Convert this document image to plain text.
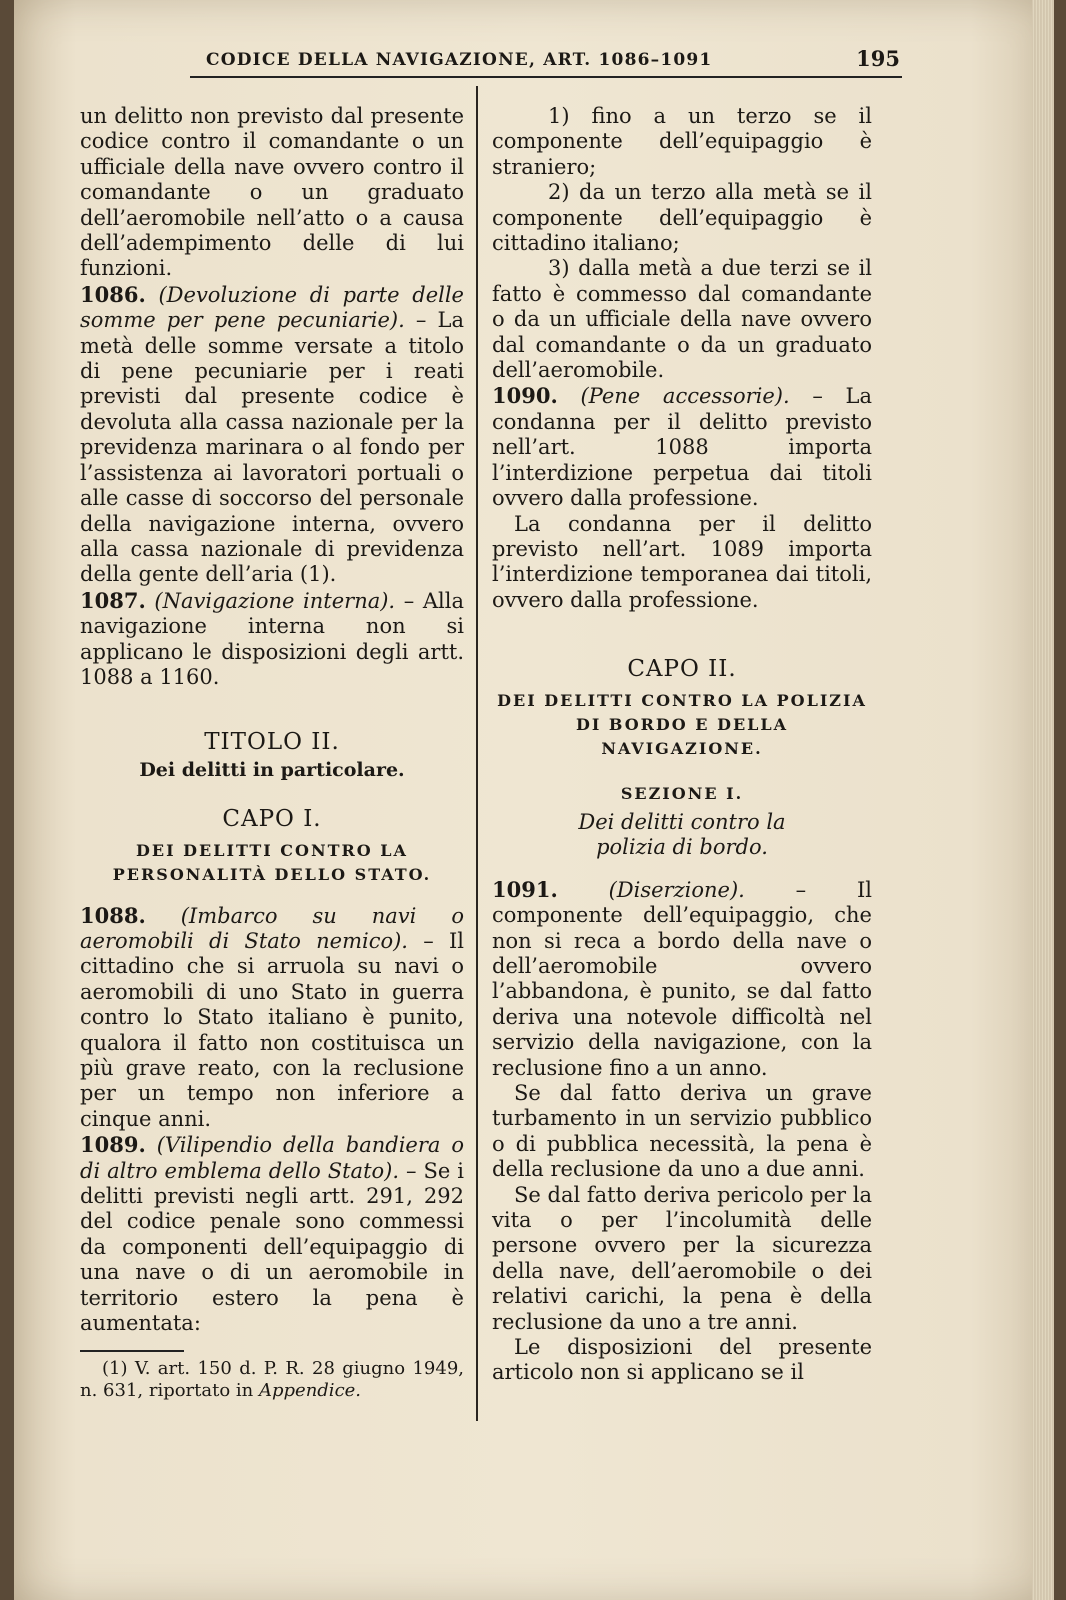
CODICE DELLA NAVIGAZIONE, ART. 1086–1091	195

un delitto non previsto dal presente codice contro il comandante o un ufficiale della nave ovvero contro il comandante o un graduato dell’aeromobile nell’atto o a causa dell’adempimento delle di lui funzioni.

1086. (Devoluzione di parte delle somme per pene pecuniarie). – La metà delle somme versate a titolo di pene pecuniarie per i reati previsti dal presente codice è devoluta alla cassa nazionale per la previdenza marinara o al fondo per l’assistenza ai lavoratori portuali o alle casse di soccorso del personale della navigazione interna, ovvero alla cassa nazionale di previdenza della gente dell’aria (1).

1087. (Navigazione interna). – Alla navigazione interna non si applicano le disposizioni degli artt. 1088 a 1160.

TITOLO II.
Dei delitti in particolare.
CAPO I.
DEI DELITTI CONTRO LA PERSONALITÀ DELLO STATO.

1088. (Imbarco su navi o aeromobili di Stato nemico). – Il cittadino che si arruola su navi o aeromobili di uno Stato in guerra contro lo Stato italiano è punito, qualora il fatto non costituisca un più grave reato, con la reclusione per un tempo non inferiore a cinque anni.

1089. (Vilipendio della bandiera o di altro emblema dello Stato). – Se i delitti previsti negli artt. 291, 292 del codice penale sono commessi da componenti dell’equipaggio di una nave o di un aeromobile in territorio estero la pena è aumentata:

(1) V. art. 150 d. P. R. 28 giugno 1949, n. 631, riportato in Appendice.

1) fino a un terzo se il componente dell’equipaggio è straniero;

2) da un terzo alla metà se il componente dell’equipaggio è cittadino italiano;

3) dalla metà a due terzi se il fatto è commesso dal comandante o da un ufficiale della nave ovvero dal comandante o da un graduato dell’aeromobile.

1090. (Pene accessorie). – La condanna per il delitto previsto nell’art. 1088 importa l’interdizione perpetua dai titoli ovvero dalla professione.

La condanna per il delitto previsto nell’art. 1089 importa l’interdizione temporanea dai titoli, ovvero dalla professione.

CAPO II.
DEI DELITTI CONTRO LA POLIZIA DI BORDO E DELLA NAVIGAZIONE.
SEZIONE I.
Dei delitti contro la polizia di bordo.

1091. (Diserzione). – Il componente dell’equipaggio, che non si reca a bordo della nave o dell’aeromobile ovvero l’abbandona, è punito, se dal fatto deriva una notevole difficoltà nel servizio della navigazione, con la reclusione fino a un anno.

Se dal fatto deriva un grave turbamento in un servizio pubblico o di pubblica necessità, la pena è della reclusione da uno a due anni.

Se dal fatto deriva pericolo per la vita o per l’incolumità delle persone ovvero per la sicurezza della nave, dell’aeromobile o dei relativi carichi, la pena è della reclusione da uno a tre anni.

Le disposizioni del presente articolo non si applicano se il
